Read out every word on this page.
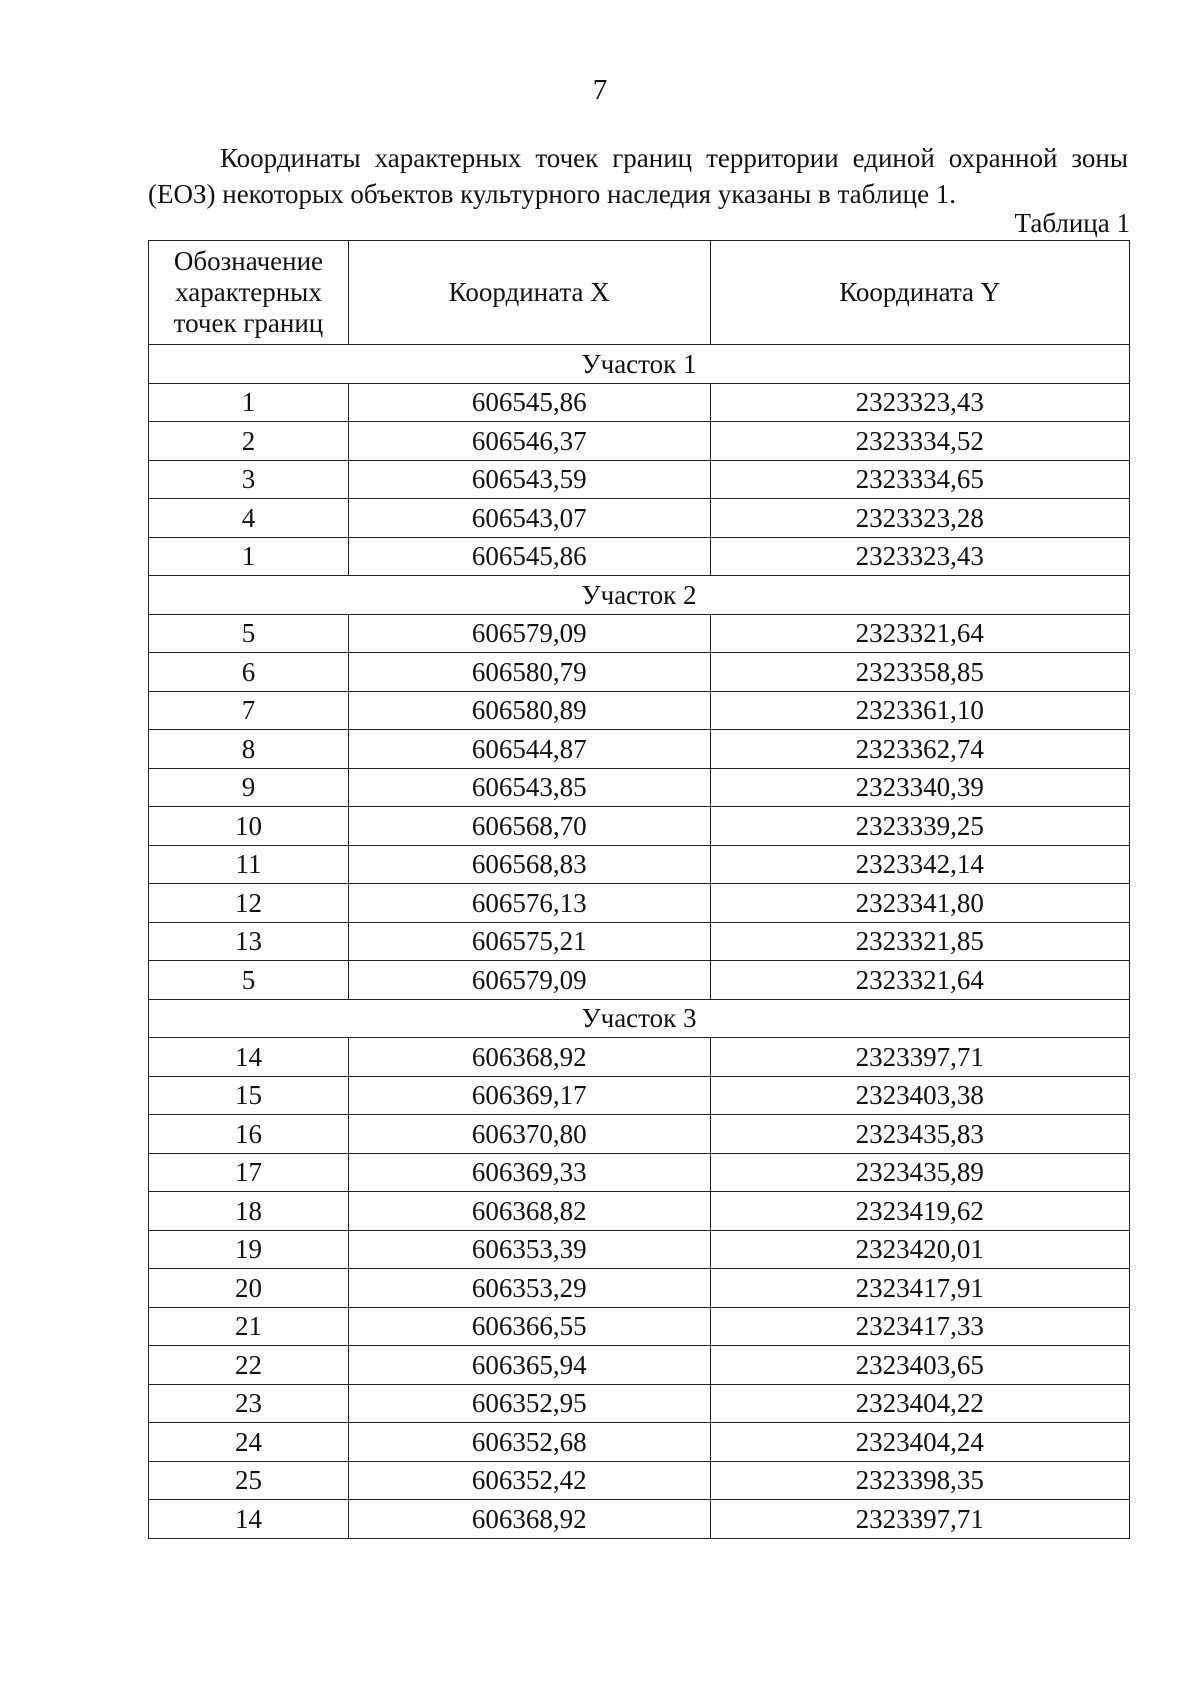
7

Координаты характерных точек границ территории единой охранной зоны (ЕОЗ) некоторых объектов культурного наследия указаны в таблице 1.

Таблица 1
Обозначение характерных точек границ	Координата X	Координата Y
Участок 1		
1	606545,86	2323323,43
2	606546,37	2323334,52
3	606543,59	2323334,65
4	606543,07	2323323,28
1	606545,86	2323323,43
Участок 2		
5	606579,09	2323321,64
6	606580,79	2323358,85
7	606580,89	2323361,10
8	606544,87	2323362,74
9	606543,85	2323340,39
10	606568,70	2323339,25
11	606568,83	2323342,14
12	606576,13	2323341,80
13	606575,21	2323321,85
5	606579,09	2323321,64
Участок 3		
14	606368,92	2323397,71
15	606369,17	2323403,38
16	606370,80	2323435,83
17	606369,33	2323435,89
18	606368,82	2323419,62
19	606353,39	2323420,01
20	606353,29	2323417,91
21	606366,55	2323417,33
22	606365,94	2323403,65
23	606352,95	2323404,22
24	606352,68	2323404,24
25	606352,42	2323398,35
14	606368,92	2323397,71
